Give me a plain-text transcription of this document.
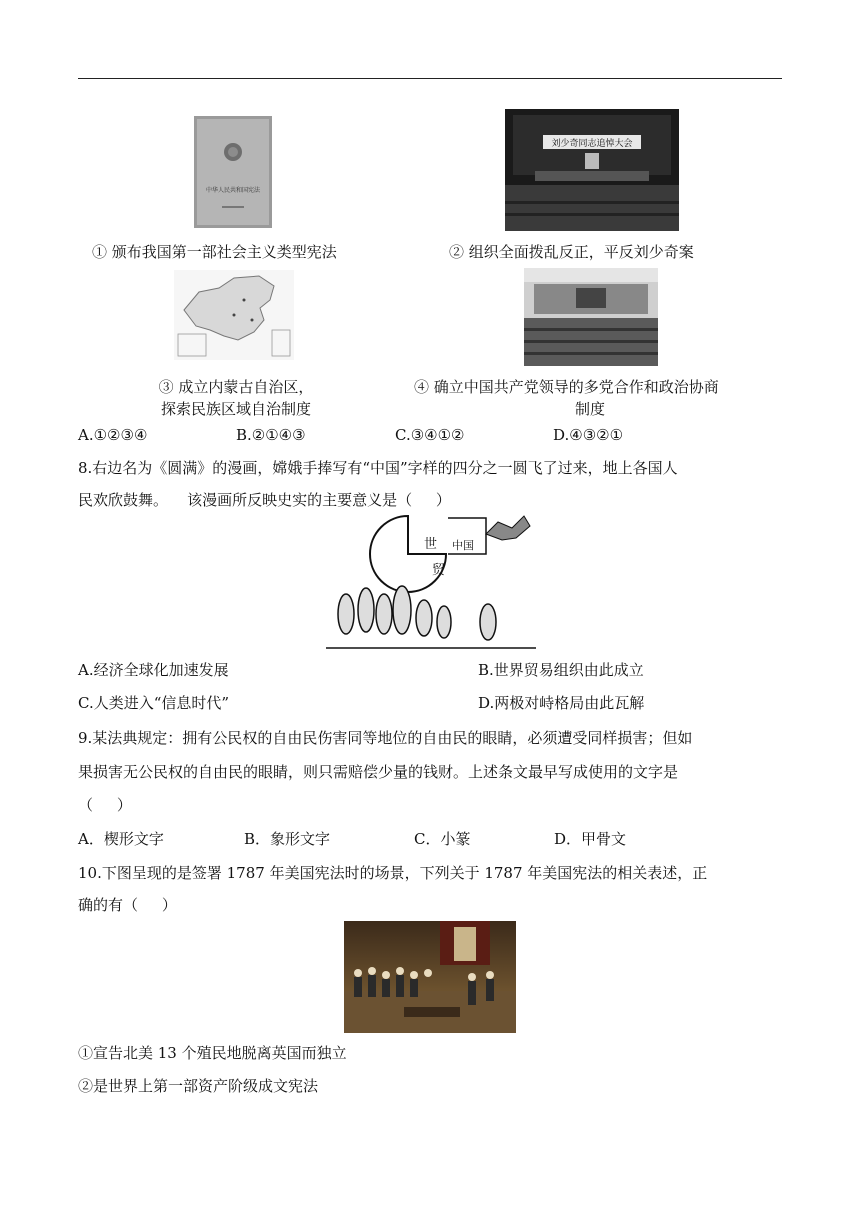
中华人民共和国宪法
刘少奇同志追悼大会
① 颁布我国第一部社会主义类型宪法	② 组织全面拨乱反正，平反刘少奇案
③ 成立内蒙古自治区，
探索民族区域自治制度
④ 确立中国共产党领导的多党合作和政治协商
制度
A.①②③④	B.②①④③	C.③④①②	D.④③②①
8.右边名为《圆满》的漫画，嫦娥手捧写有“中国”字样的四分之一圆飞了过来，地上各国人
民欢欣鼓舞。    该漫画所反映史实的主要意义是（     ）
世
贸
中国
A.经济全球化加速发展	B.世界贸易组织由此成立
C.人类进入“信息时代”	D.两极对峙格局由此瓦解
9.某法典规定：拥有公民权的自由民伤害同等地位的自由民的眼睛，必须遭受同样损害；但如
果损害无公民权的自由民的眼睛，则只需赔偿少量的钱财。上述条文最早写成使用的文字是
（     ）
A．楔形文字	B．象形文字	C．小篆	D．甲骨文
10.下图呈现的是签署 1787 年美国宪法时的场景，下列关于 1787 年美国宪法的相关表述，正
确的有（     ）
①宣告北美 13 个殖民地脱离英国而独立
②是世界上第一部资产阶级成文宪法
